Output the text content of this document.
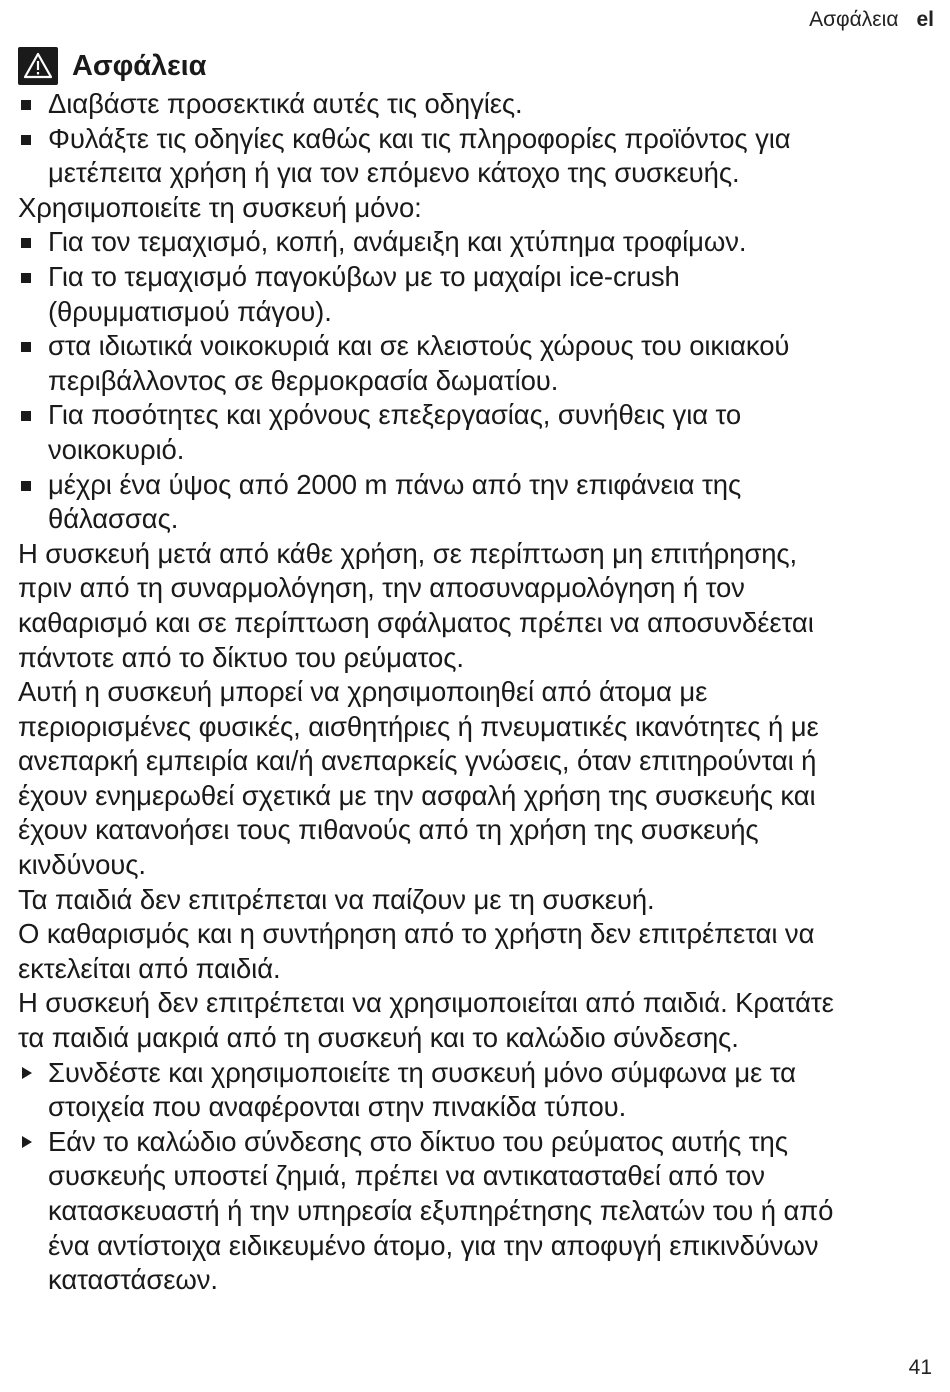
Ασφάλεια el
Ασφάλεια
Διαβάστε προσεκτικά αυτές τις οδηγίες.
Φυλάξτε τις οδηγίες καθώς και τις πληροφορίες προϊόντος για
μετέπειτα χρήση ή για τον επόμενο κάτοχο της συσκευής.
Χρησιμοποιείτε τη συσκευή μόνο:
Για τον τεμαχισμό, κοπή, ανάμειξη και χτύπημα τροφίμων.
Για το τεμαχισμό παγοκύβων με το μαχαίρι ice-crush
(θρυμματισμού πάγου).
στα ιδιωτικά νοικοκυριά και σε κλειστούς χώρους του οικιακού
περιβάλλοντος σε θερμοκρασία δωματίου.
Για ποσότητες και χρόνους επεξεργασίας, συνήθεις για το
νοικοκυριό.
μέχρι ένα ύψος από 2000 m πάνω από την επιφάνεια της
θάλασσας.
Η συσκευή μετά από κάθε χρήση, σε περίπτωση μη επιτήρησης,
πριν από τη συναρμολόγηση, την αποσυναρμολόγηση ή τον
καθαρισμό και σε περίπτωση σφάλματος πρέπει να αποσυνδέεται
πάντοτε από το δίκτυο του ρεύματος.
Αυτή η συσκευή μπορεί να χρησιμοποιηθεί από άτομα με
περιορισμένες φυσικές, αισθητήριες ή πνευματικές ικανότητες ή με
ανεπαρκή εμπειρία και/ή ανεπαρκείς γνώσεις, όταν επιτηρούνται ή
έχουν ενημερωθεί σχετικά με την ασφαλή χρήση της συσκευής και
έχουν κατανοήσει τους πιθανούς από τη χρήση της συσκευής
κινδύνους.
Τα παιδιά δεν επιτρέπεται να παίζουν με τη συσκευή.
Ο καθαρισμός και η συντήρηση από το χρήστη δεν επιτρέπεται να
εκτελείται από παιδιά.
Η συσκευή δεν επιτρέπεται να χρησιμοποιείται από παιδιά. Κρατάτε
τα παιδιά μακριά από τη συσκευή και το καλώδιο σύνδεσης.
Συνδέστε και χρησιμοποιείτε τη συσκευή μόνο σύμφωνα με τα
στοιχεία που αναφέρονται στην πινακίδα τύπου.
Εάν το καλώδιο σύνδεσης στο δίκτυο του ρεύματος αυτής της
συσκευής υποστεί ζημιά, πρέπει να αντικατασταθεί από τον
κατασκευαστή ή την υπηρεσία εξυπηρέτησης πελατών του ή από
ένα αντίστοιχα ειδικευμένο άτομο, για την αποφυγή επικινδύνων
καταστάσεων.
41
